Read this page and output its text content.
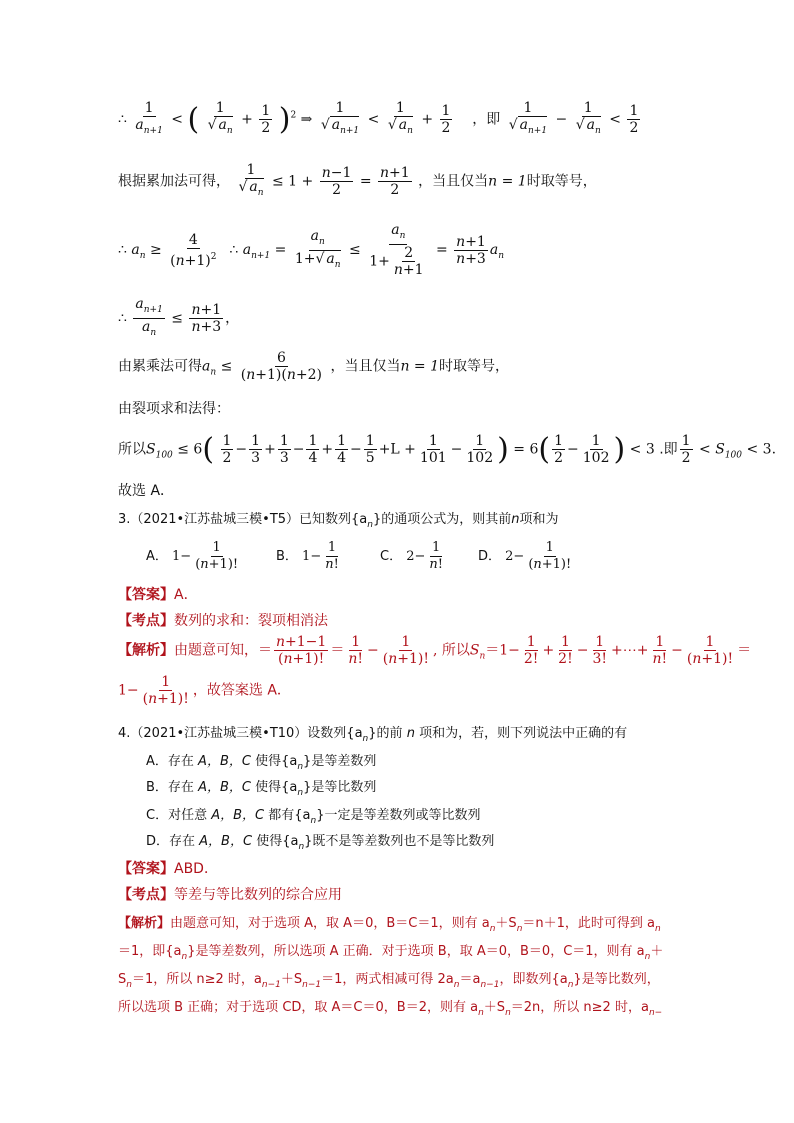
∴ $\frac{1}{a_{n+1}}$ < ( $\frac{1}{√ a_n} + \frac{1}{2} )^2$ ⇒ $\frac{1}{√ a_{n+1}} < \frac{1}{√ a_n} + \frac{1}{2}$ ，即 $\frac{1}{√ a_{n+1}} - \frac{1}{√ a_n} < \frac{1}{2}$
根据累加法可得， $\frac{1}{√ a_n} \le 1 + \frac{n-1}{2} = \frac{n+1}{2}$ ，当且仅当n = 1时取等号，
∴ $a_n \ge \frac{4}{(n+1)^2}$ ∴ $a_{n+1} = \frac{a_n}{1+√ a_n} \le \frac{a_n}{1+ \frac{2}{n+1}} = \frac{n+1}{n+3} a_n$
∴ $\frac{a_{n+1}}{a_n} \le \frac{n+1}{n+3}$ ，
由累乘法可得$a_n \le \frac{6}{(n+1)(n+2)}$ ，当且仅当n = 1时取等号，
由裂项求和法得：
所以$S_{100} \le 6( \frac{1}{2} - \frac{1}{3} + \frac{1}{3} - \frac{1}{4} + \frac{1}{4} - \frac{1}{5} +L + \frac{1}{101} - \frac{1}{102}$ ) = $6( \frac{1}{2} - \frac{1}{102}$ ) < 3 .即 $\frac{1}{2} < S_{100} < 3$.
故选 A．
3.（2021•江苏盐城三模•T5）已知数列$\{a_n\}$的通项公式为，则其前n项和为
A． $1- \frac{1}{(n+1)!}$	B． $1- \frac{1}{n!}$	C． $2- \frac{1}{n!}$	D． $2- \frac{1}{(n+1)!}$
【答案】A．
【考点】数列的求和：裂项相消法
【解析】由题意可知，＝ $\frac{n+1-1}{(n+1)!} = \frac{1}{n!} - \frac{1}{(n+1)!}$ , 所以$S_n=1- \frac{1}{2!} + \frac{1}{2!} - \frac{1}{3!}$ +⋯+ $\frac{1}{n!} - \frac{1}{(n+1)!}$ ＝
$1- \frac{1}{(n+1)!}$ ，故答案选 A．
4.（2021•江苏盐城三模•T10）设数列$\{a_n\}$的前 n 项和为，若，则下列说法中正确的有
A．存在 A，B，C 使得$\{a_n\}$是等差数列
B．存在 A，B，C 使得$\{a_n\}$是等比数列
C．对任意 A，B，C 都有$\{a_n\}$一定是等差数列或等比数列
D．存在 A，B，C 使得$\{a_n\}$既不是等差数列也不是等比数列
【答案】ABD．
【考点】等差与等比数列的综合应用
【解析】由题意可知，对于选项 A，取 A＝0，B＝C＝1，则有 $a_n+S_n=n+1$，此时可得到 $a_n$
＝1，即$\{a_n\}$是等差数列，所以选项 A 正确．对于选项 B，取 A＝0，B＝0，C＝1，则有 $a_n+$
$S_n=1$，所以 n≥2 时，$a_{n-1}+S_{n-1}=1$，两式相减可得 $2a_n=a_{n-1}$，即数列$\{a_n\}$是等比数列，
所以选项 B 正确；对于选项 CD，取 A＝C＝0，B＝2，则有 $a_n+S_n=2n$，所以 n≥2 时，$a_{n-}$
